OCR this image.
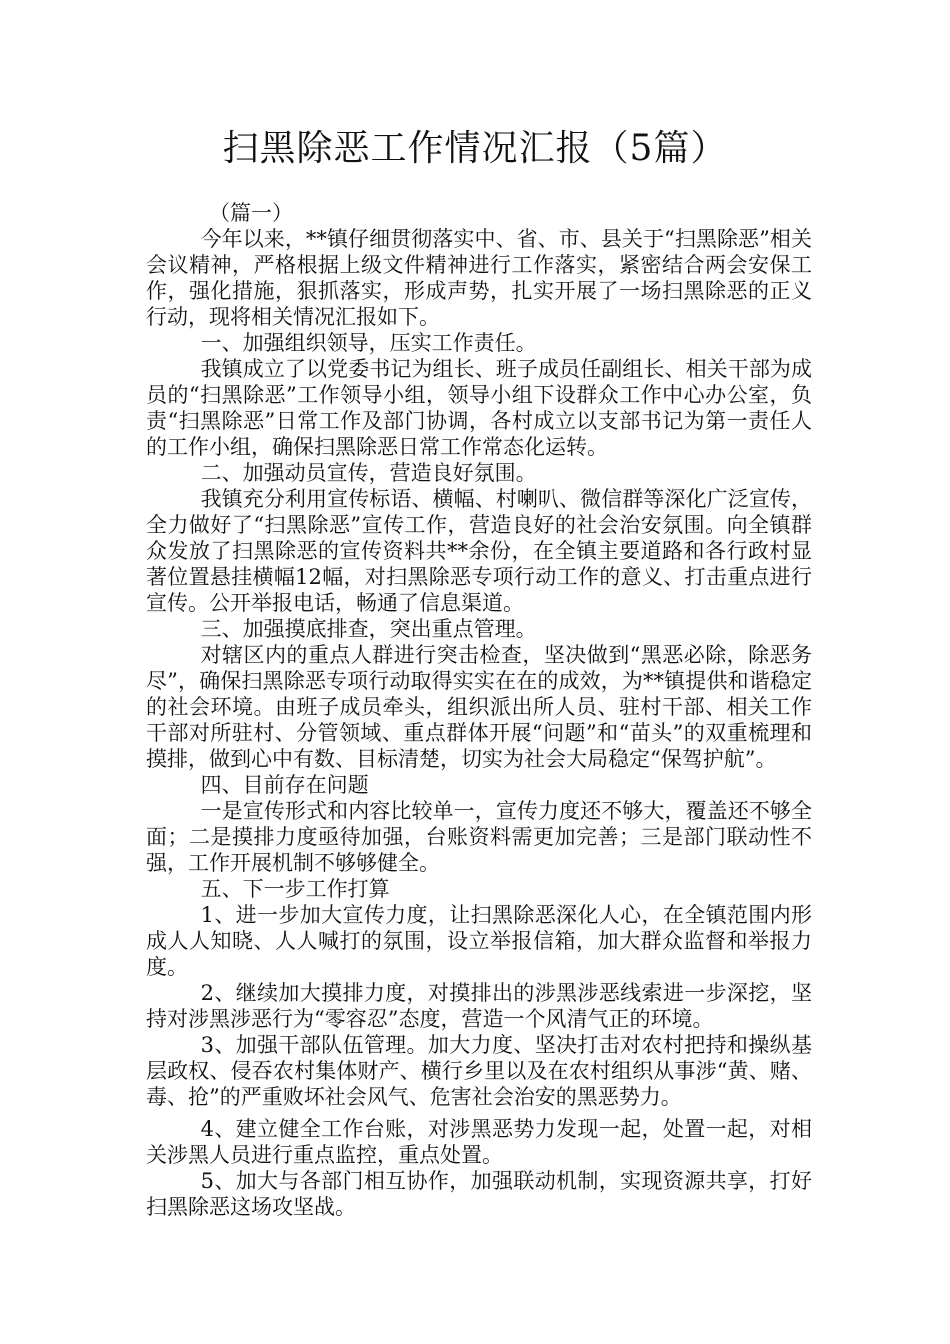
扫黑除恶工作情况汇报（5篇）

（篇一）

今年以来，**镇仔细贯彻落实中、省、市、县关于“扫黑除恶”相关会议精神，严格根据上级文件精神进行工作落实，紧密结合两会安保工作，强化措施，狠抓落实，形成声势，扎实开展了一场扫黑除恶的正义行动，现将相关情况汇报如下。

一、加强组织领导，压实工作责任。

我镇成立了以党委书记为组长、班子成员任副组长、相关干部为成员的“扫黑除恶”工作领导小组，领导小组下设群众工作中心办公室，负责“扫黑除恶”日常工作及部门协调，各村成立以支部书记为第一责任人的工作小组，确保扫黑除恶日常工作常态化运转。

二、加强动员宣传，营造良好氛围。

我镇充分利用宣传标语、横幅、村喇叭、微信群等深化广泛宣传，全力做好了“扫黑除恶”宣传工作，营造良好的社会治安氛围。向全镇群众发放了扫黑除恶的宣传资料共**余份，在全镇主要道路和各行政村显著位置悬挂横幅12幅，对扫黑除恶专项行动工作的意义、打击重点进行宣传。公开举报电话，畅通了信息渠道。

三、加强摸底排查，突出重点管理。

对辖区内的重点人群进行突击检查，坚决做到“黑恶必除，除恶务尽”，确保扫黑除恶专项行动取得实实在在的成效，为**镇提供和谐稳定的社会环境。由班子成员牵头，组织派出所人员、驻村干部、相关工作干部对所驻村、分管领域、重点群体开展“问题”和“苗头”的双重梳理和摸排，做到心中有数、目标清楚，切实为社会大局稳定“保驾护航”。

四、目前存在问题

一是宣传形式和内容比较单一，宣传力度还不够大，覆盖还不够全面；二是摸排力度亟待加强，台账资料需更加完善；三是部门联动性不强，工作开展机制不够够健全。

五、下一步工作打算

1、进一步加大宣传力度，让扫黑除恶深化人心，在全镇范围内形成人人知晓、人人喊打的氛围，设立举报信箱，加大群众监督和举报力度。

2、继续加大摸排力度，对摸排出的涉黑涉恶线索进一步深挖，坚持对涉黑涉恶行为“零容忍”态度，营造一个风清气正的环境。

3、加强干部队伍管理。加大力度、坚决打击对农村把持和操纵基层政权、侵吞农村集体财产、横行乡里以及在农村组织从事涉“黄、赌、毒、抢”的严重败坏社会风气、危害社会治安的黑恶势力。

4、建立健全工作台账，对涉黑恶势力发现一起，处置一起，对相关涉黑人员进行重点监控，重点处置。

5、加大与各部门相互协作，加强联动机制，实现资源共享，打好扫黑除恶这场攻坚战。
